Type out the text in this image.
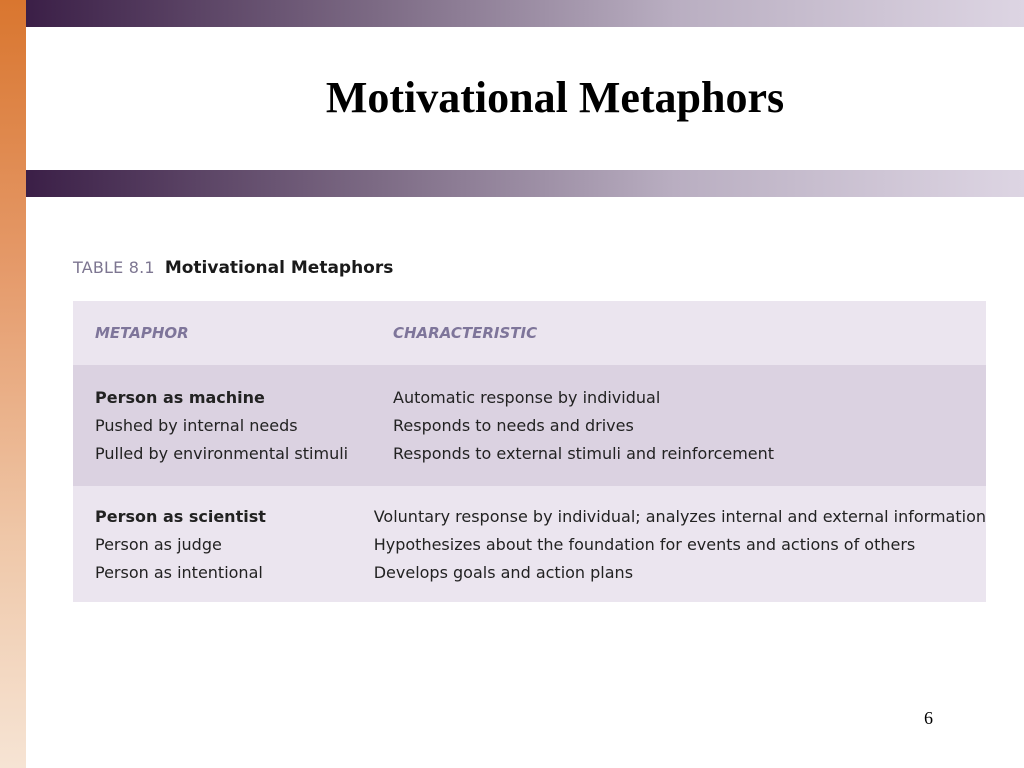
Motivational Metaphors
TABLE 8.1 Motivational Metaphors
METAPHOR	CHARACTERISTIC
Person as machine
Pushed by internal needs
Pulled by environmental stimuli
Automatic response by individual
Responds to needs and drives
Responds to external stimuli and reinforcement
Person as scientist
Person as judge
Person as intentional
Voluntary response by individual; analyzes internal and external information
Hypothesizes about the foundation for events and actions of others
Develops goals and action plans
6
